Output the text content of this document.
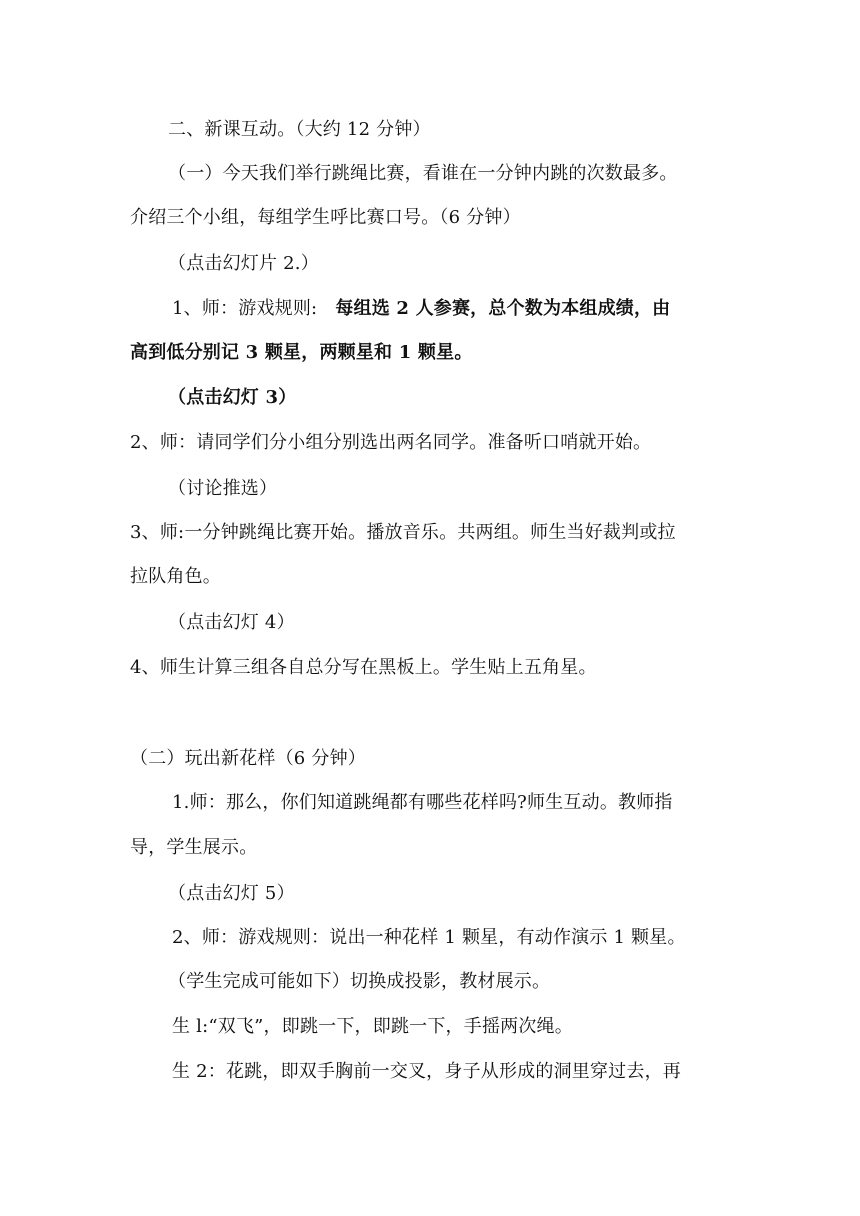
二、新课互动。（大约 12 分钟）
（一）今天我们举行跳绳比赛，看谁在一分钟内跳的次数最多。
介绍三个小组，每组学生呼比赛口号。（6 分钟）
（点击幻灯片 2.）
1、师：游戏规则: 每组选 2 人参赛，总个数为本组成绩，由
高到低分别记 3 颗星，两颗星和 1 颗星。
（点击幻灯 3）
2、师：请同学们分小组分别选出两名同学。准备听口哨就开始。
（讨论推选）
3、师:一分钟跳绳比赛开始。播放音乐。共两组。师生当好裁判或拉
拉队角色。
（点击幻灯 4）
4、师生计算三组各自总分写在黑板上。学生贴上五角星。
（二）玩出新花样（6 分钟）
1.师：那么，你们知道跳绳都有哪些花样吗?师生互动。教师指
导，学生展示。
（点击幻灯 5）
2、师：游戏规则：说出一种花样 1 颗星，有动作演示 1 颗星。
（学生完成可能如下）切换成投影，教材展示。
生 l:“双飞”，即跳一下，即跳一下，手摇两次绳。
生 2：花跳，即双手胸前一交叉，身子从形成的洞里穿过去，再
